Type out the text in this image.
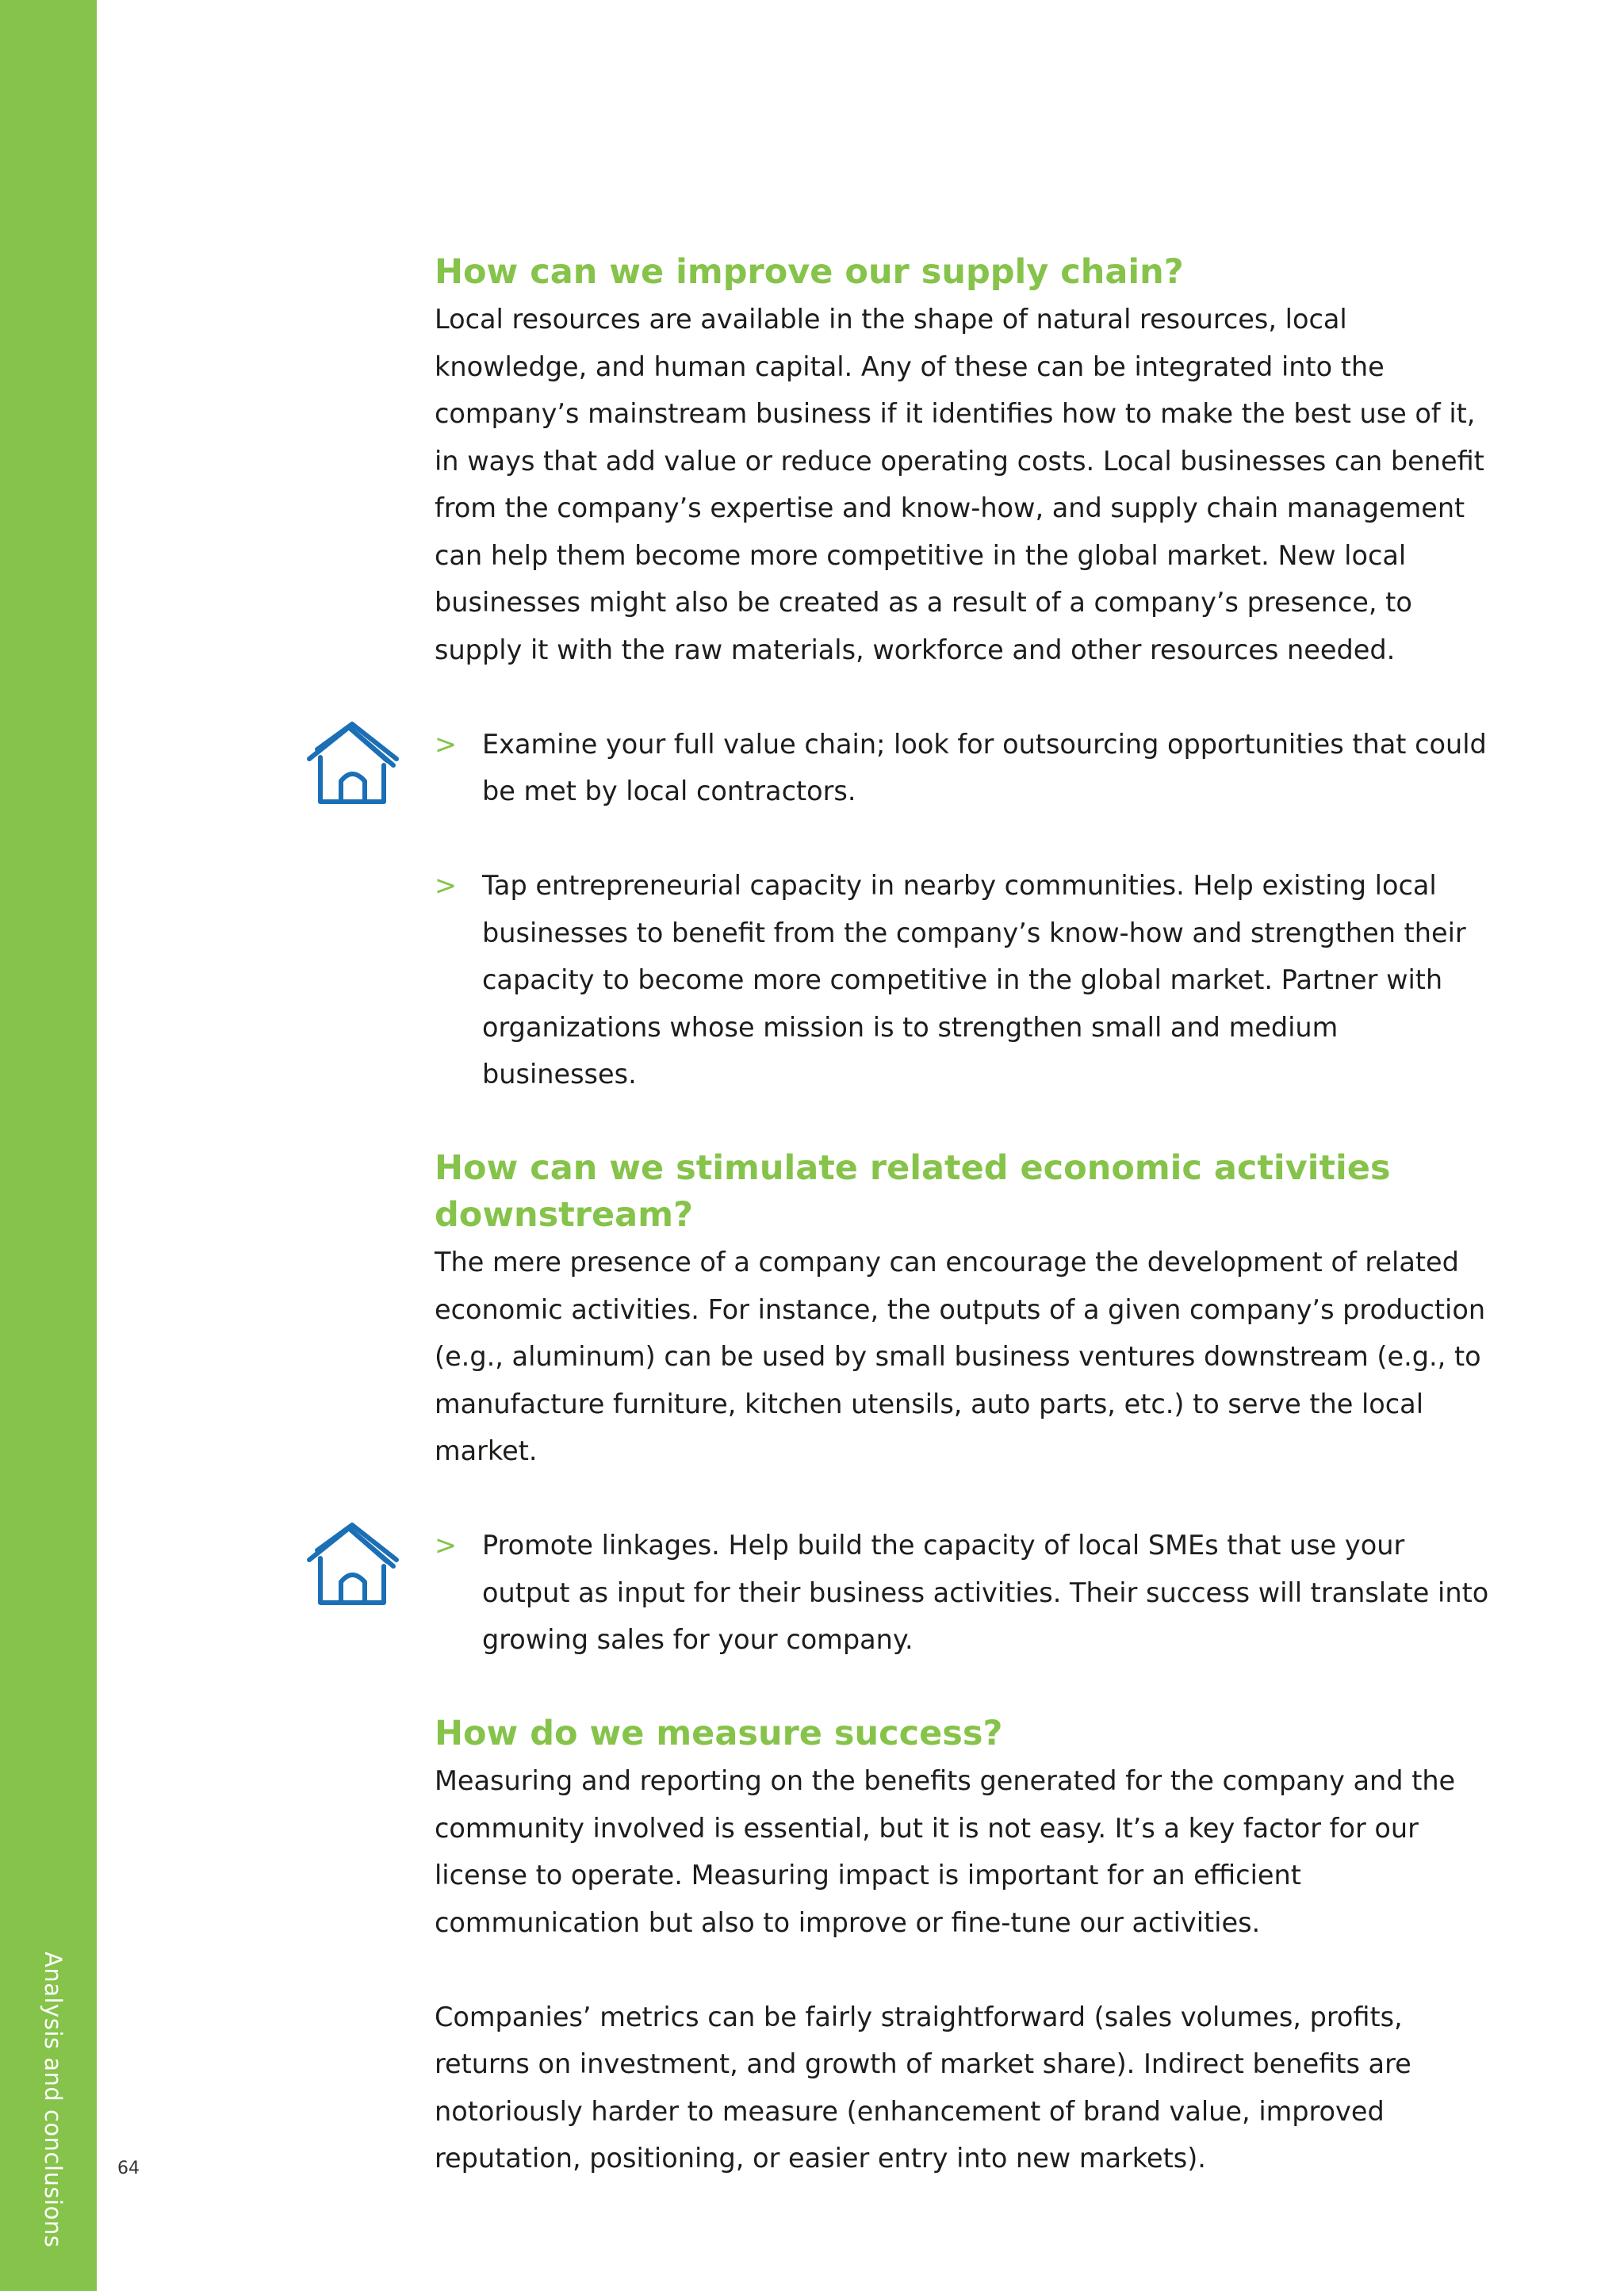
Analysis and conclusions	64
How can we improve our supply chain?

Local resources are available in the shape of natural resources, local knowledge, and human capital. Any of these can be integrated into the company’s mainstream business if it identifies how to make the best use of it, in ways that add value or reduce operating costs. Local businesses can benefit from the company’s expertise and know-how, and supply chain management can help them become more competitive in the global market. New local businesses might also be created as a result of a company’s presence, to supply it with the raw materials, workforce and other resources needed.

> Examine your full value chain; look for outsourcing opportunities that could be met by local contractors.
> Tap entrepreneurial capacity in nearby communities. Help existing local businesses to benefit from the company’s know-how and strengthen their capacity to become more competitive in the global market. Partner with organizations whose mission is to strengthen small and medium businesses.
How can we stimulate related economic activities downstream?

The mere presence of a company can encourage the development of related economic activities. For instance, the outputs of a given company’s production (e.g., aluminum) can be used by small business ventures downstream (e.g., to manufacture furniture, kitchen utensils, auto parts, etc.) to serve the local market.

> Promote linkages. Help build the capacity of local SMEs that use your output as input for their business activities. Their success will translate into growing sales for your company.
How do we measure success?

Measuring and reporting on the benefits generated for the company and the community involved is essential, but it is not easy. It’s a key factor for our license to operate. Measuring impact is important for an efficient communication but also to improve or fine-tune our activities.

Companies’ metrics can be fairly straightforward (sales volumes, profits, returns on investment, and growth of market share). Indirect benefits are notoriously harder to measure (enhancement of brand value, improved reputation, positioning, or easier entry into new markets).
